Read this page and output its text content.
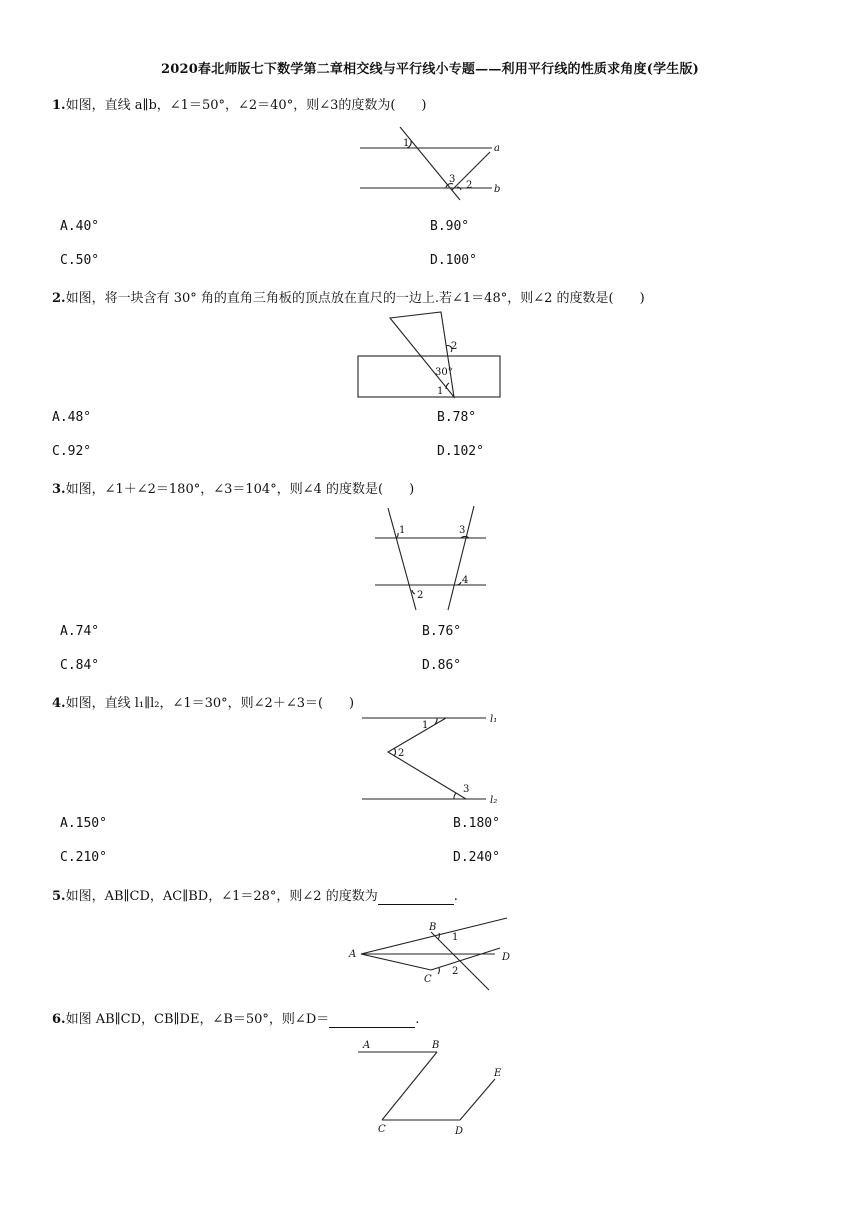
2020春北师版七下数学第二章相交线与平行线小专题——利用平行线的性质求角度(学生版)
1.如图，直线 a∥b，∠1＝50°，∠2＝40°，则∠3的度数为(　　)
1
3
2
a
b
A.40°	B.90°
C.50°	D.100°
2.如图，将一块含有 30° 角的直角三角板的顶点放在直尺的一边上.若∠1＝48°，则∠2 的度数是(　　)
2
30°
1
A.48°	B.78°
C.92°	D.102°
3.如图，∠1＋∠2＝180°，∠3＝104°，则∠4 的度数是(　　)
1	3
4
2
A.74°	B.76°
C.84°	D.86°
4.如图，直线 l₁∥l₂，∠1＝30°，则∠2＋∠3＝(　　)
1
2
3
l₁
l₂
A.150°	B.180°
C.210°	D.240°
5.如图，AB∥CD，AC∥BD，∠1＝28°，则∠2 的度数为	.
B
1
A	D
C
2
6.如图 AB∥CD，CB∥DE，∠B＝50°，则∠D＝	.
A	B
E
C	D
